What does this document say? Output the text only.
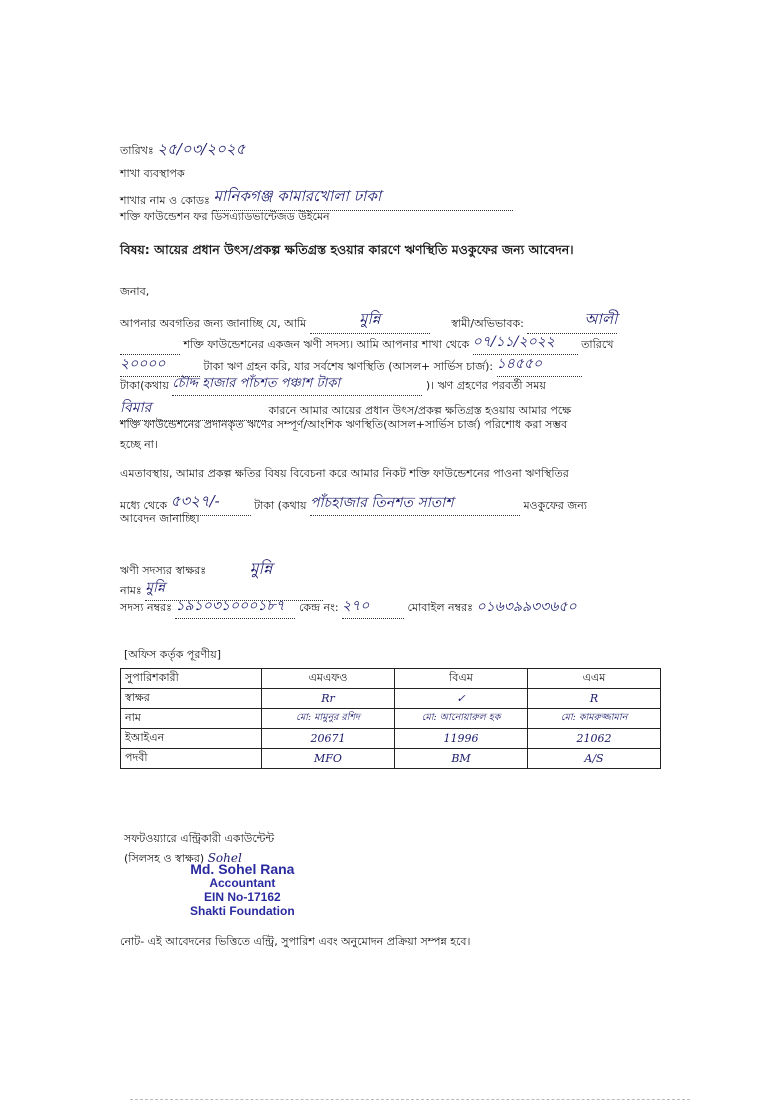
তারিখঃ ২৫/০৩/২০২৫
শাখা ব্যবস্থাপক
শাখার নাম ও কোডঃ মানিকগঞ্জ কামারখোলা ঢাকা
শক্তি ফাউন্ডেশন ফর ডিসএ্যাডভান্টেজড উইমেন
বিষয়: আয়ের প্রধান উৎস/প্রকল্প ক্ষতিগ্রস্ত হওয়ার কারণে ঋণস্থিতি মওকুফের জন্য আবেদন।
জনাব,
আপনার অবগতির জন্য জানাচ্ছি যে, আমি	মুন্নি	স্বামী/অভিভাবক:	আলী
শক্তি ফাউন্ডেশনের একজন ঋণী সদস্য। আমি আপনার শাখা থেকে ০৭/১১/২০২২ তারিখে
২০০০০	টাকা ঋণ গ্রহন করি, যার সর্বশেষ ঋণস্থিতি (আসল+ সার্ভিস চার্জ): ১৪৫৫০
টাকা(কথায় চৌদ্দ হাজার পাঁচশত পঞ্চাশ টাকা	)। ঋণ গ্রহণের পরবর্তী সময়
বিমার	কারনে আমার আয়ের প্রধান উৎস/প্রকল্প ক্ষতিগ্রস্ত হওয়ায় আমার পক্ষে
শক্তি ফাউন্ডেশনের প্রদানকৃত ঋণের সম্পূর্ণ/আংশিক ঋণস্থিতি(আসল+সার্ভিস চার্জ) পরিশোধ করা সম্ভব
হচ্ছে না।
এমতাবস্থায়, আমার প্রকল্প ক্ষতির বিষয় বিবেচনা করে আমার নিকট শক্তি ফাউন্ডেশনের পাওনা ঋণস্থিতির
মধ্যে থেকে ৫৩২৭/-	টাকা (কথায় পাঁচহাজার তিনশত সাতাশ	মওকুফের জন্য
আবেদন জানাচ্ছি।
ঋণী সদস্যর স্বাক্ষরঃ	মুন্নি
নামঃ মুন্নি
সদস্য নম্বরঃ ১৯১০৩১০০০১৮৭ কেন্দ্র নং: ২৭০	মোবাইল নম্বরঃ ০১৬৩৯৯৩৩৬৫০
[অফিস কর্তৃক পূরণীয়]
সুপারিশকারী	এমএফও	বিএম	এএম
স্বাক্ষর	Rr	✓	R
নাম	মো: মামুনুর রশিদ	মো: আনোয়ারুল হক	মো: কামরুজ্জামান
ইআইএন	20671	11996	21062
পদবী	MFO	BM	A/S
সফটওয়্যারে এন্ট্রিকারী একাউন্টেন্ট
(সিলসহ ও স্বাক্ষর) Sohel
Md. Sohel Rana
Accountant
EIN No-17162
Shakti Foundation
নোট- এই আবেদনের ভিত্তিতে এন্ট্রি, সুপারিশ এবং অনুমোদন প্রক্রিয়া সম্পন্ন হবে।
